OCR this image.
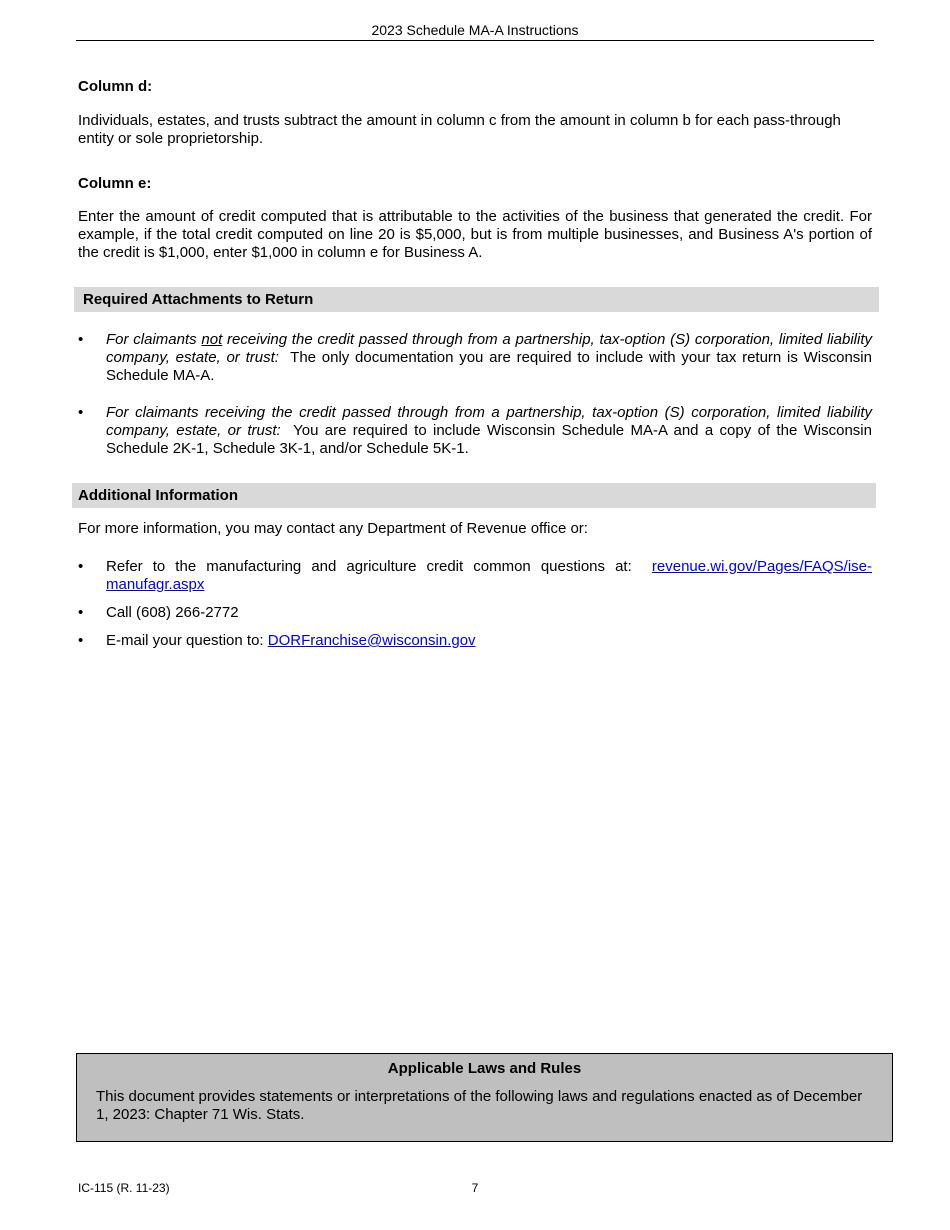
2023 Schedule MA-A Instructions
Column d:
Individuals, estates, and trusts subtract the amount in column c from the amount in column b for each pass-through entity or sole proprietorship.
Column e:
Enter the amount of credit computed that is attributable to the activities of the business that generated the credit. For example, if the total credit computed on line 20 is $5,000, but is from multiple businesses, and Business A's portion of the credit is $1,000, enter $1,000 in column e for Business A.
Required Attachments to Return
•	For claimants not receiving the credit passed through from a partnership, tax-option (S) corporation, limited liability company, estate, or trust: The only documentation you are required to include with your tax return is Wisconsin Schedule MA-A.
•	For claimants receiving the credit passed through from a partnership, tax-option (S) corporation, limited liability company, estate, or trust: You are required to include Wisconsin Schedule MA-A and a copy of the Wisconsin Schedule 2K-1, Schedule 3K-1, and/or Schedule 5K-1.
Additional Information
For more information, you may contact any Department of Revenue office or:
•	Refer to the manufacturing and agriculture credit common questions at: revenue.wi.gov/Pages/FAQS/ise-manufagr.aspx
•	Call (608) 266-2772
•	E-mail your question to: DORFranchise@wisconsin.gov
Applicable Laws and Rules
This document provides statements or interpretations of the following laws and regulations enacted as of December 1, 2023: Chapter 71 Wis. Stats.
IC-115 (R. 11-23)	7
